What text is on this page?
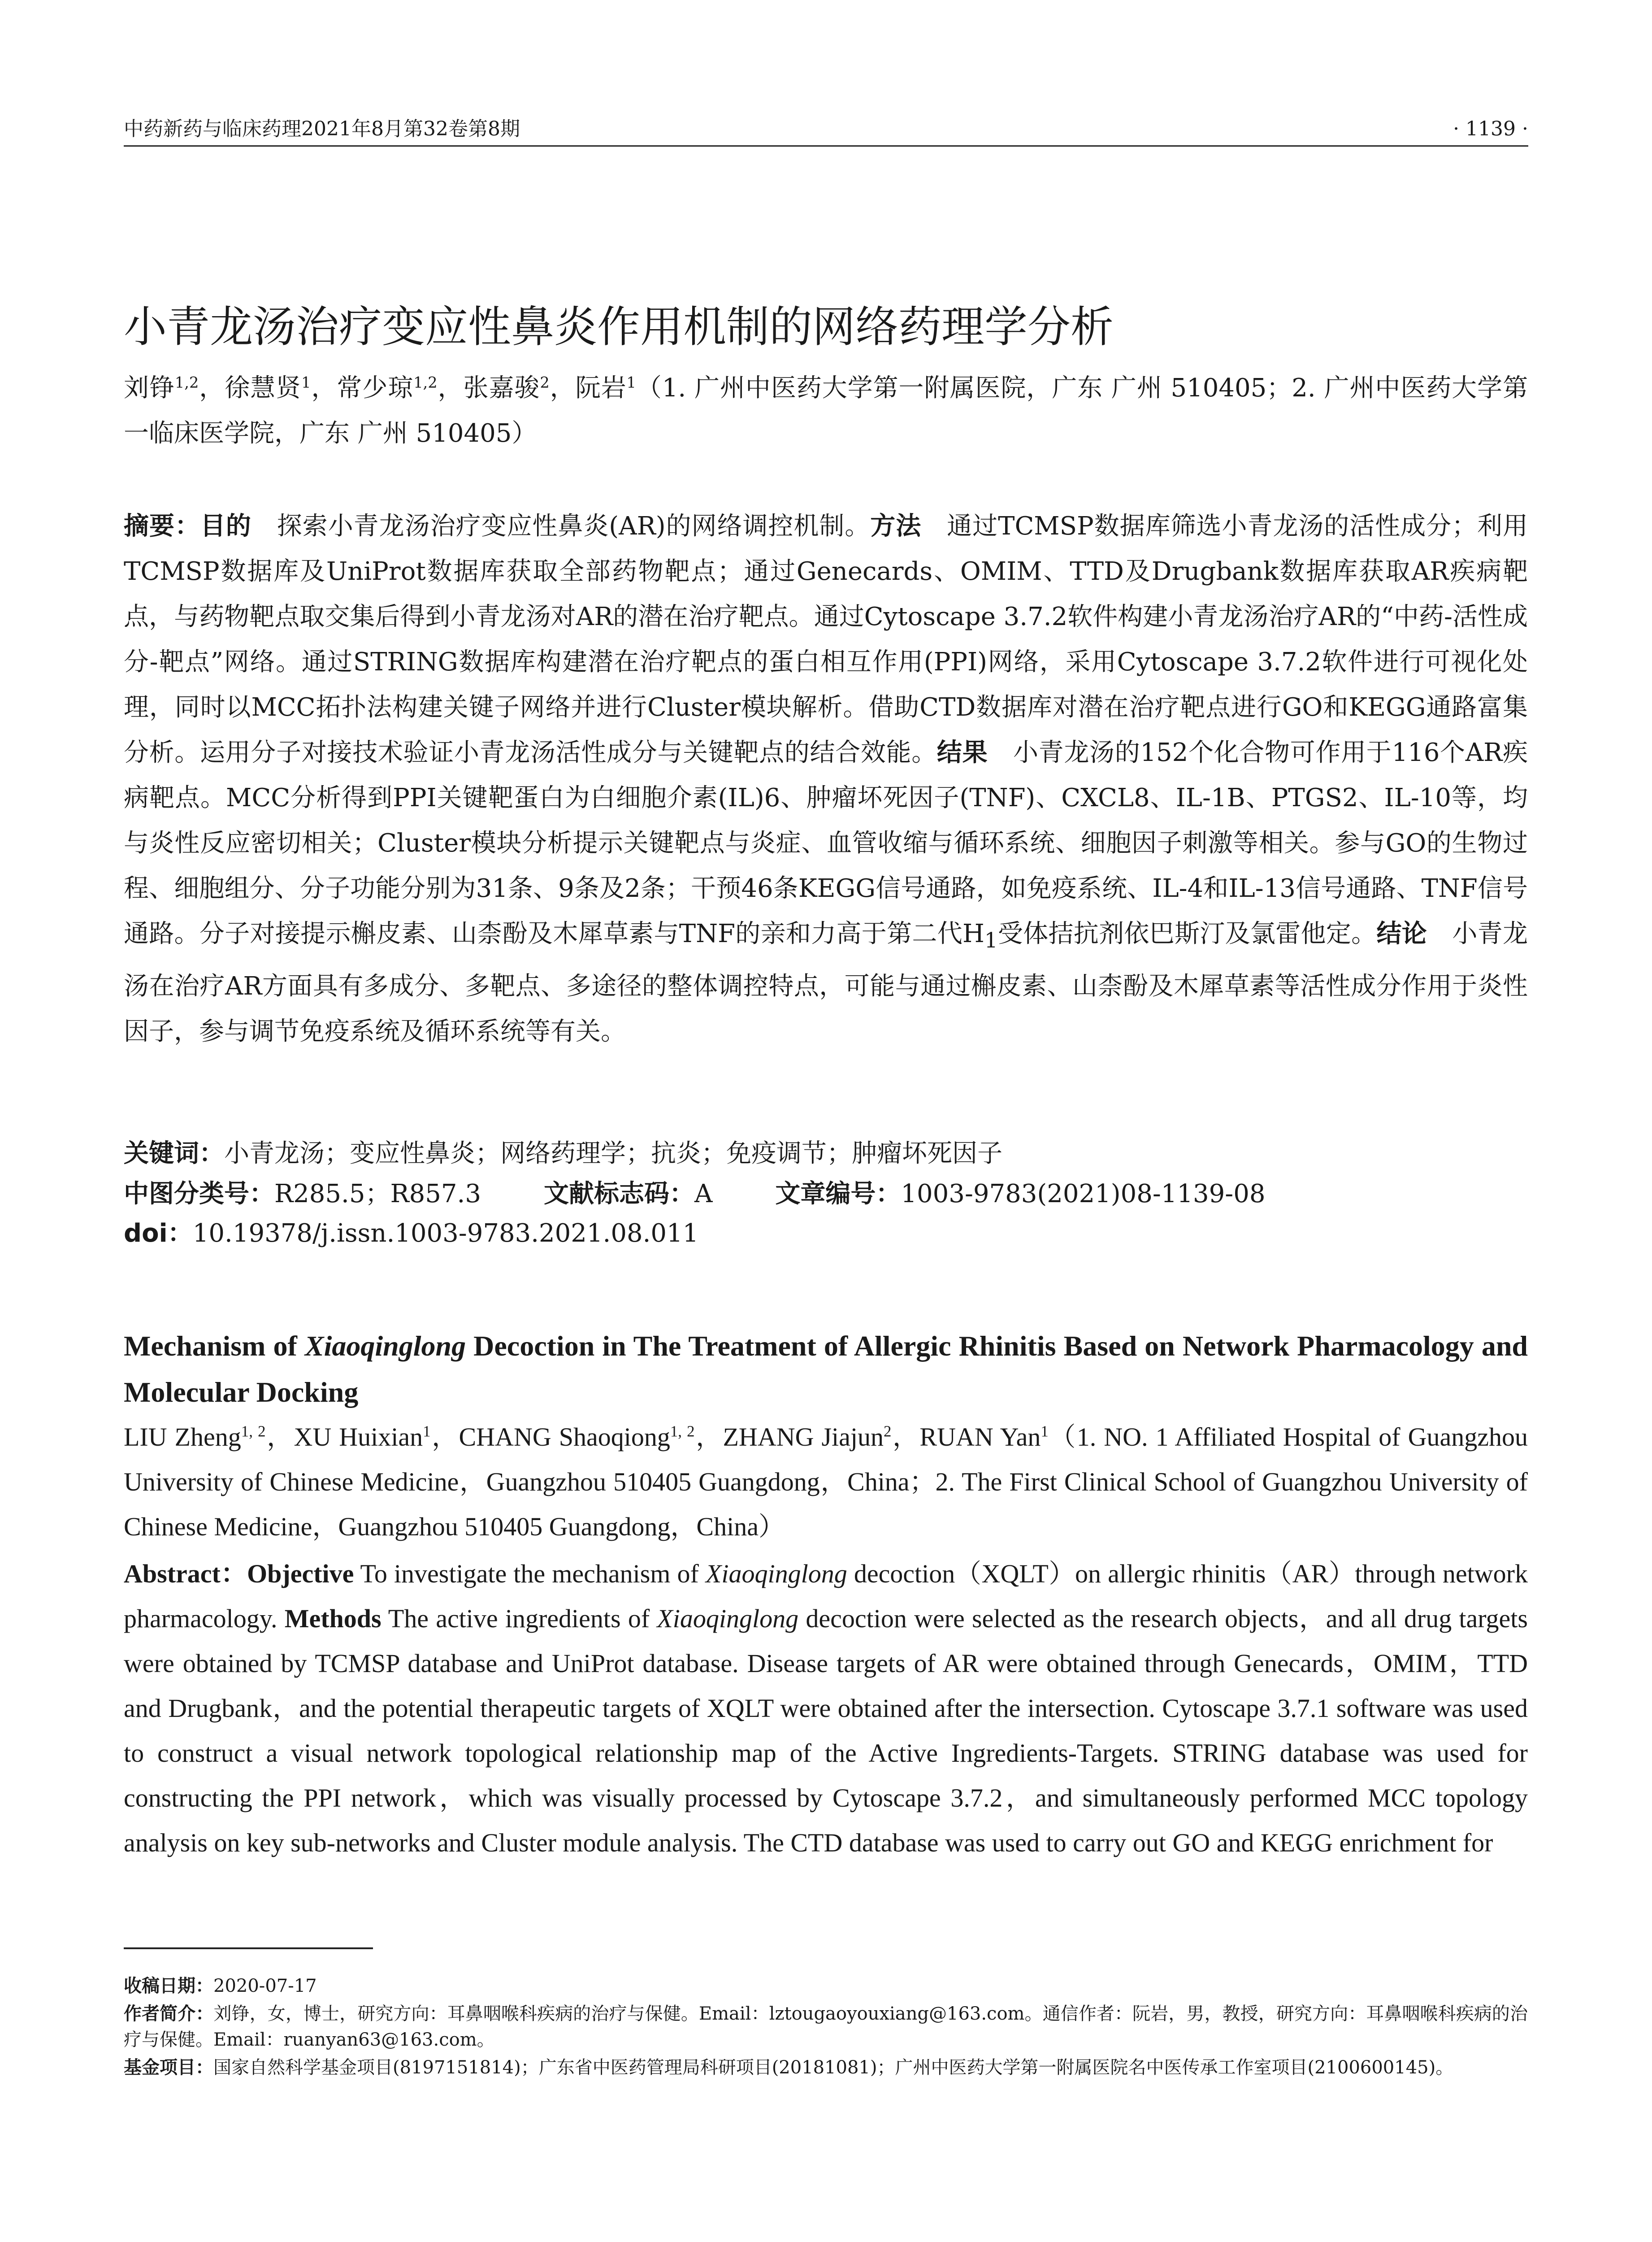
中药新药与临床药理2021年8月第32卷第8期	· 1139 ·
小青龙汤治疗变应性鼻炎作用机制的网络药理学分析
刘铮$^{1,2}$，徐慧贤$^1$，常少琼$^{1,2}$，张嘉骏$^2$，阮岩$^1$（1. 广州中医药大学第一附属医院，广东 广州 510405；2. 广州中医药大学第一临床医学院，广东 广州 510405）
摘要：目的　 探索小青龙汤治疗变应性鼻炎(AR)的网络调控机制。方法　 通过TCMSP数据库筛选小青龙汤的活性成分；利用TCMSP数据库及UniProt数据库获取全部药物靶点；通过Genecards、OMIM、TTD及Drugbank数据库获取AR疾病靶点，与药物靶点取交集后得到小青龙汤对AR的潜在治疗靶点。通过Cytoscape 3.7.2软件构建小青龙汤治疗AR的“中药-活性成分-靶点”网络。通过STRING数据库构建潜在治疗靶点的蛋白相互作用(PPI)网络，采用Cytoscape 3.7.2软件进行可视化处理，同时以MCC拓扑法构建关键子网络并进行Cluster模块解析。借助CTD数据库对潜在治疗靶点进行GO和KEGG通路富集分析。运用分子对接技术验证小青龙汤活性成分与关键靶点的结合效能。结果　 小青龙汤的152个化合物可作用于116个AR疾病靶点。MCC分析得到PPI关键靶蛋白为白细胞介素(IL)6、肿瘤坏死因子(TNF)、CXCL8、IL-1B、PTGS2、IL-10等，均与炎性反应密切相关；Cluster模块分析提示关键靶点与炎症、血管收缩与循环系统、细胞因子刺激等相关。参与GO的生物过程、细胞组分、分子功能分别为31条、9条及2条；干预46条KEGG信号通路，如免疫系统、IL-4和IL-13信号通路、TNF信号通路。分子对接提示槲皮素、山柰酚及木犀草素与TNF的亲和力高于第二代$H_1$受体拮抗剂依巴斯汀及氯雷他定。结论　 小青龙汤在治疗AR方面具有多成分、多靶点、多途径的整体调控特点，可能与通过槲皮素、山柰酚及木犀草素等活性成分作用于炎性因子，参与调节免疫系统及循环系统等有关。
关键词：小青龙汤；变应性鼻炎；网络药理学；抗炎；免疫调节；肿瘤坏死因子
中图分类号：R285.5；R857.3	文献标志码：A	文章编号：1003-9783(2021)08-1139-08
doi：10.19378/j.issn.1003-9783.2021.08.011
Mechanism of Xiaoqinglong Decoction in The Treatment of Allergic Rhinitis Based on Network Pharmacology and Molecular Docking
LIU Zheng$^{1, 2}$，XU Huixian$^1$，CHANG Shaoqiong$^{1, 2}$，ZHANG Jiajun$^2$，RUAN Yan$^1$（1. NO. 1 Affiliated Hospital of Guangzhou University of Chinese Medicine，Guangzhou 510405 Guangdong，China；2. The First Clinical School of Guangzhou University of Chinese Medicine，Guangzhou 510405 Guangdong，China）
Abstract：Objective To investigate the mechanism of Xiaoqinglong decoction（XQLT）on allergic rhinitis（AR）through network pharmacology. Methods The active ingredients of Xiaoqinglong decoction were selected as the research objects，and all drug targets were obtained by TCMSP database and UniProt database. Disease targets of AR were obtained through Genecards，OMIM，TTD and Drugbank，and the potential therapeutic targets of XQLT were obtained after the intersection. Cytoscape 3.7.1 software was used to construct a visual network topological relationship map of the Active Ingredients-Targets. STRING database was used for constructing the PPI network，which was visually processed by Cytoscape 3.7.2，and simultaneously performed MCC topology analysis on key sub-networks and Cluster module analysis. The CTD database was used to carry out GO and KEGG enrichment for

收稿日期：2020-07-17

作者简介：刘铮，女，博士，研究方向：耳鼻咽喉科疾病的治疗与保健。Email：lztougaoyouxiang@163.com。通信作者：阮岩，男，教授，研究方向：耳鼻咽喉科疾病的治疗与保健。Email：ruanyan63@163.com。

基金项目：国家自然科学基金项目(8197151814)；广东省中医药管理局科研项目(20181081)；广州中医药大学第一附属医院名中医传承工作室项目(2100600145)。
